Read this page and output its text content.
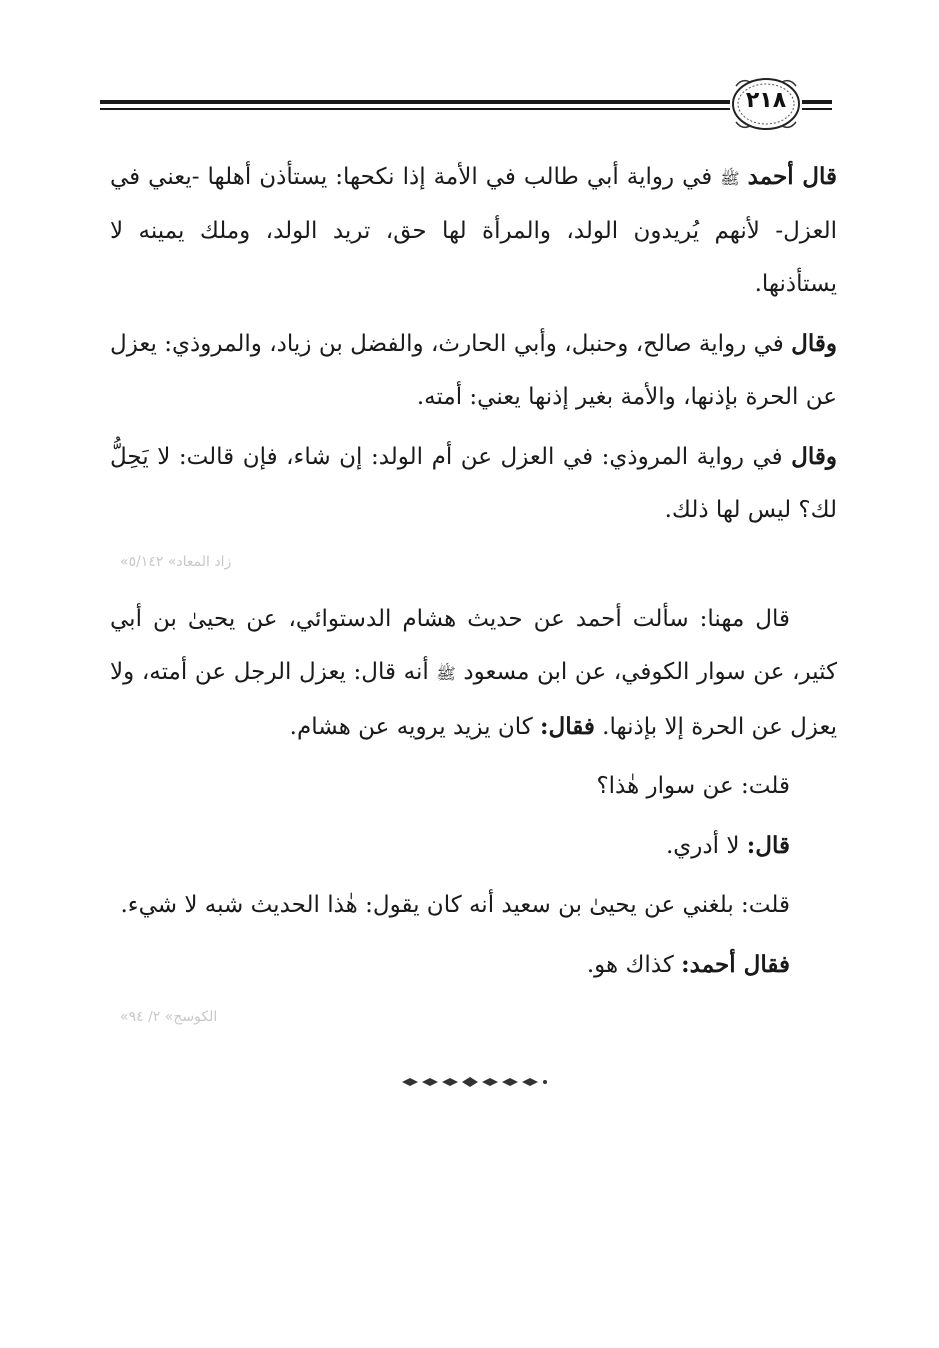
٢١٨

قال أحمد ﷺ في رواية أبي طالب في الأمة إذا نكحها: يستأذن أهلها -يعني في العزل- لأنهم يُريدون الولد، والمرأة لها حق، تريد الولد، وملك يمينه لا يستأذنها.

وقال في رواية صالح، وحنبل، وأبي الحارث، والفضل بن زياد، والمروذي: يعزل عن الحرة بإذنها، والأمة بغير إذنها يعني: أمته.

وقال في رواية المروذي: في العزل عن أم الولد: إن شاء، فإن قالت: لا يَحِلُّ لك؟ ليس لها ذلك.

«زاد المعاد» ٥/١٤٢

قال مهنا: سألت أحمد عن حديث هشام الدستوائي، عن يحيىٰ بن أبي كثير، عن سوار الكوفي، عن ابن مسعود ﷺ أنه قال: يعزل الرجل عن أمته، ولا يعزل عن الحرة إلا بإذنها. فقال: كان يزيد يرويه عن هشام.

قلت: عن سوار هٰذا؟

قال: لا أدري.

قلت: بلغني عن يحيىٰ بن سعيد أنه كان يقول: هٰذا الحديث شبه لا شيء.

فقال أحمد: كذاك هو.

«الكوسج» ٢/ ٩٤
